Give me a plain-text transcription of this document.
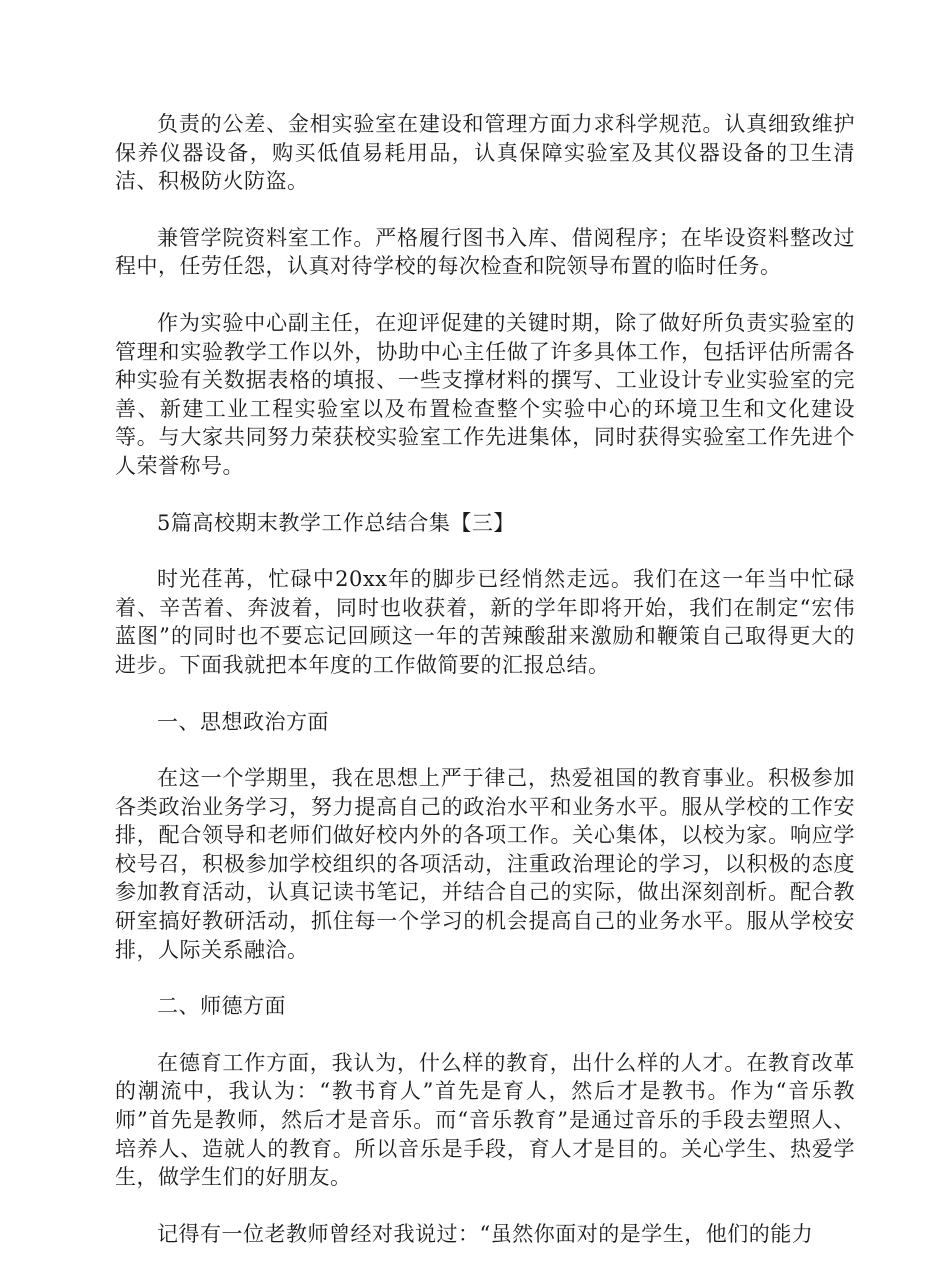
负责的公差、金相实验室在建设和管理方面力求科学规范。认真细致维护保养仪器设备，购买低值易耗用品，认真保障实验室及其仪器设备的卫生清洁、积极防火防盗。

兼管学院资料室工作。严格履行图书入库、借阅程序；在毕设资料整改过程中，任劳任怨，认真对待学校的每次检查和院领导布置的临时任务。

作为实验中心副主任，在迎评促建的关键时期，除了做好所负责实验室的管理和实验教学工作以外，协助中心主任做了许多具体工作，包括评估所需各种实验有关数据表格的填报、一些支撑材料的撰写、工业设计专业实验室的完善、新建工业工程实验室以及布置检查整个实验中心的环境卫生和文化建设等。与大家共同努力荣获校实验室工作先进集体，同时获得实验室工作先进个人荣誉称号。

5篇高校期末教学工作总结合集【三】

时光荏苒，忙碌中20xx年的脚步已经悄然走远。我们在这一年当中忙碌着、辛苦着、奔波着，同时也收获着，新的学年即将开始，我们在制定“宏伟蓝图”的同时也不要忘记回顾这一年的苦辣酸甜来激励和鞭策自己取得更大的进步。下面我就把本年度的工作做简要的汇报总结。

一、思想政治方面

在这一个学期里，我在思想上严于律己，热爱祖国的教育事业。积极参加各类政治业务学习，努力提高自己的政治水平和业务水平。服从学校的工作安排，配合领导和老师们做好校内外的各项工作。关心集体，以校为家。响应学校号召，积极参加学校组织的各项活动，注重政治理论的学习，以积极的态度参加教育活动，认真记读书笔记，并结合自己的实际，做出深刻剖析。配合教研室搞好教研活动，抓住每一个学习的机会提高自己的业务水平。服从学校安排，人际关系融洽。

二、师德方面

在德育工作方面，我认为，什么样的教育，出什么样的人才。在教育改革的潮流中，我认为：“教书育人”首先是育人，然后才是教书。作为“音乐教师”首先是教师，然后才是音乐。而“音乐教育”是通过音乐的手段去塑照人、培养人、造就人的教育。所以音乐是手段，育人才是目的。关心学生、热爱学生，做学生们的好朋友。

记得有一位老教师曾经对我说过：“虽然你面对的是学生，他们的能力
